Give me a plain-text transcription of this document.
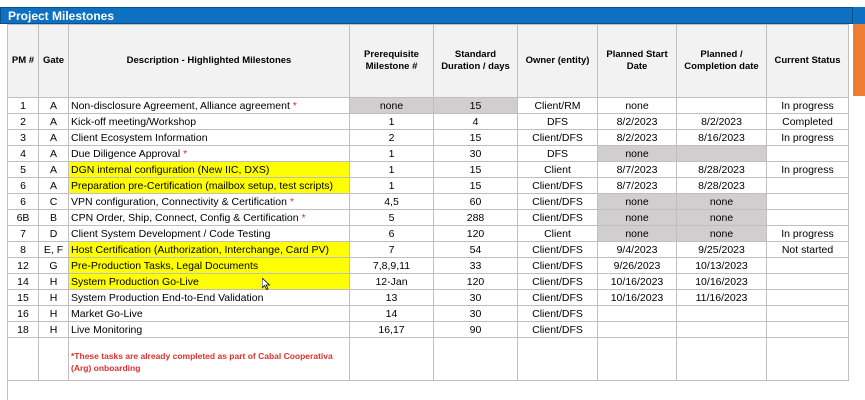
Project Milestones
PM #	Gate	Description - Highlighted Milestones	Prerequisite Milestone #	Standard Duration / days	Owner (entity)	Planned Start Date	Planned / Completion date	Current Status
1	A	Non-disclosure Agreement, Alliance agreement *	none	15	Client/RM	none		In progress
2	A	Kick-off meeting/Workshop	1	4	DFS	8/2/2023	8/2/2023	Completed
3	A	Client Ecosystem Information	2	15	Client/DFS	8/2/2023	8/16/2023	In progress
4	A	Due Diligence Approval *	1	30	DFS	none		
5	A	DGN internal configuration (New IIC, DXS)	1	15	Client	8/7/2023	8/28/2023	In progress
6	A	Preparation pre-Certification (mailbox setup, test scripts)	1	15	Client/DFS	8/7/2023	8/28/2023	
6	C	VPN configuration, Connectivity & Certification *	4,5	60	Client/DFS	none	none	
6B	B	CPN Order, Ship, Connect, Config & Certification *	5	288	Client/DFS	none	none	
7	D	Client System Development / Code Testing	6	120	Client	none	none	In progress
8	E, F	Host Certification (Authorization, Interchange, Card PV)	7	54	Client/DFS	9/4/2023	9/25/2023	Not started
12	G	Pre-Production Tasks, Legal Documents	7,8,9,11	33	Client/DFS	9/26/2023	10/13/2023	
14	H	System Production Go-Live	12-Jan	120	Client/DFS	10/16/2023	10/16/2023	
15	H	System Production End-to-End Validation	13	30	Client/DFS	10/16/2023	11/16/2023	
16	H	Market Go-Live	14	30	Client/DFS			
18	H	Live Monitoring	16,17	90	Client/DFS			

		*These tasks are already completed as part of Cabal Cooperativa (Arg) onboarding						
